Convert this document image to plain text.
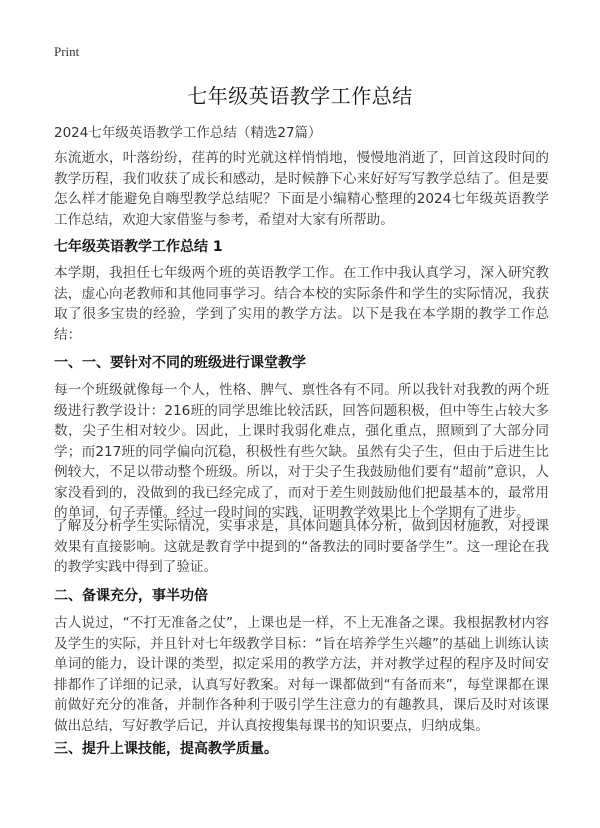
Print
七年级英语教学工作总结
2024七年级英语教学工作总结（精选27篇）

东流逝水，叶落纷纷，荏苒的时光就这样悄悄地，慢慢地消逝了，回首这段时间的教学历程，我们收获了成长和感动，是时候静下心来好好写写教学总结了。但是要怎么样才能避免自嗨型教学总结呢？下面是小编精心整理的2024七年级英语教学工作总结，欢迎大家借鉴与参考，希望对大家有所帮助。

七年级英语教学工作总结 1

本学期，我担任七年级两个班的英语教学工作。在工作中我认真学习，深入研究教法，虚心向老教师和其他同事学习。结合本校的实际条件和学生的实际情况，我获取了很多宝贵的经验，学到了实用的教学方法。以下是我在本学期的教学工作总结：

一、一、要针对不同的班级进行课堂教学

每一个班级就像每一个人，性格、脾气、禀性各有不同。所以我针对我教的两个班级进行教学设计：216班的同学思维比较活跃，回答问题积极，但中等生占较大多数，尖子生相对较少。因此，上课时我弱化难点，强化重点，照顾到了大部分同学；而217班的同学偏向沉稳，积极性有些欠缺。虽然有尖子生，但由于后进生比例较大，不足以带动整个班级。所以，对于尖子生我鼓励他们要有“超前”意识，人家没看到的，没做到的我已经完成了，而对于差生则鼓励他们把最基本的，最常用的单词，句子弄懂。经过一段时间的实践，证明教学效果比上个学期有了进步。

了解及分析学生实际情况，实事求是，具体问题具体分析，做到因材施教，对授课效果有直接影响。这就是教育学中提到的“备教法的同时要备学生”。这一理论在我的教学实践中得到了验证。

二、备课充分，事半功倍

古人说过，“不打无准备之仗”，上课也是一样，不上无准备之课。我根据教材内容及学生的实际，并且针对七年级教学目标：“旨在培养学生兴趣”的基础上训练认读单词的能力，设计课的类型，拟定采用的教学方法，并对教学过程的程序及时间安排都作了详细的记录，认真写好教案。对每一课都做到“有备而来”，每堂课都在课前做好充分的准备，并制作各种利于吸引学生注意力的有趣教具，课后及时对该课做出总结，写好教学后记，并认真按搜集每课书的知识要点，归纳成集。

三、提升上课技能，提高教学质量。
